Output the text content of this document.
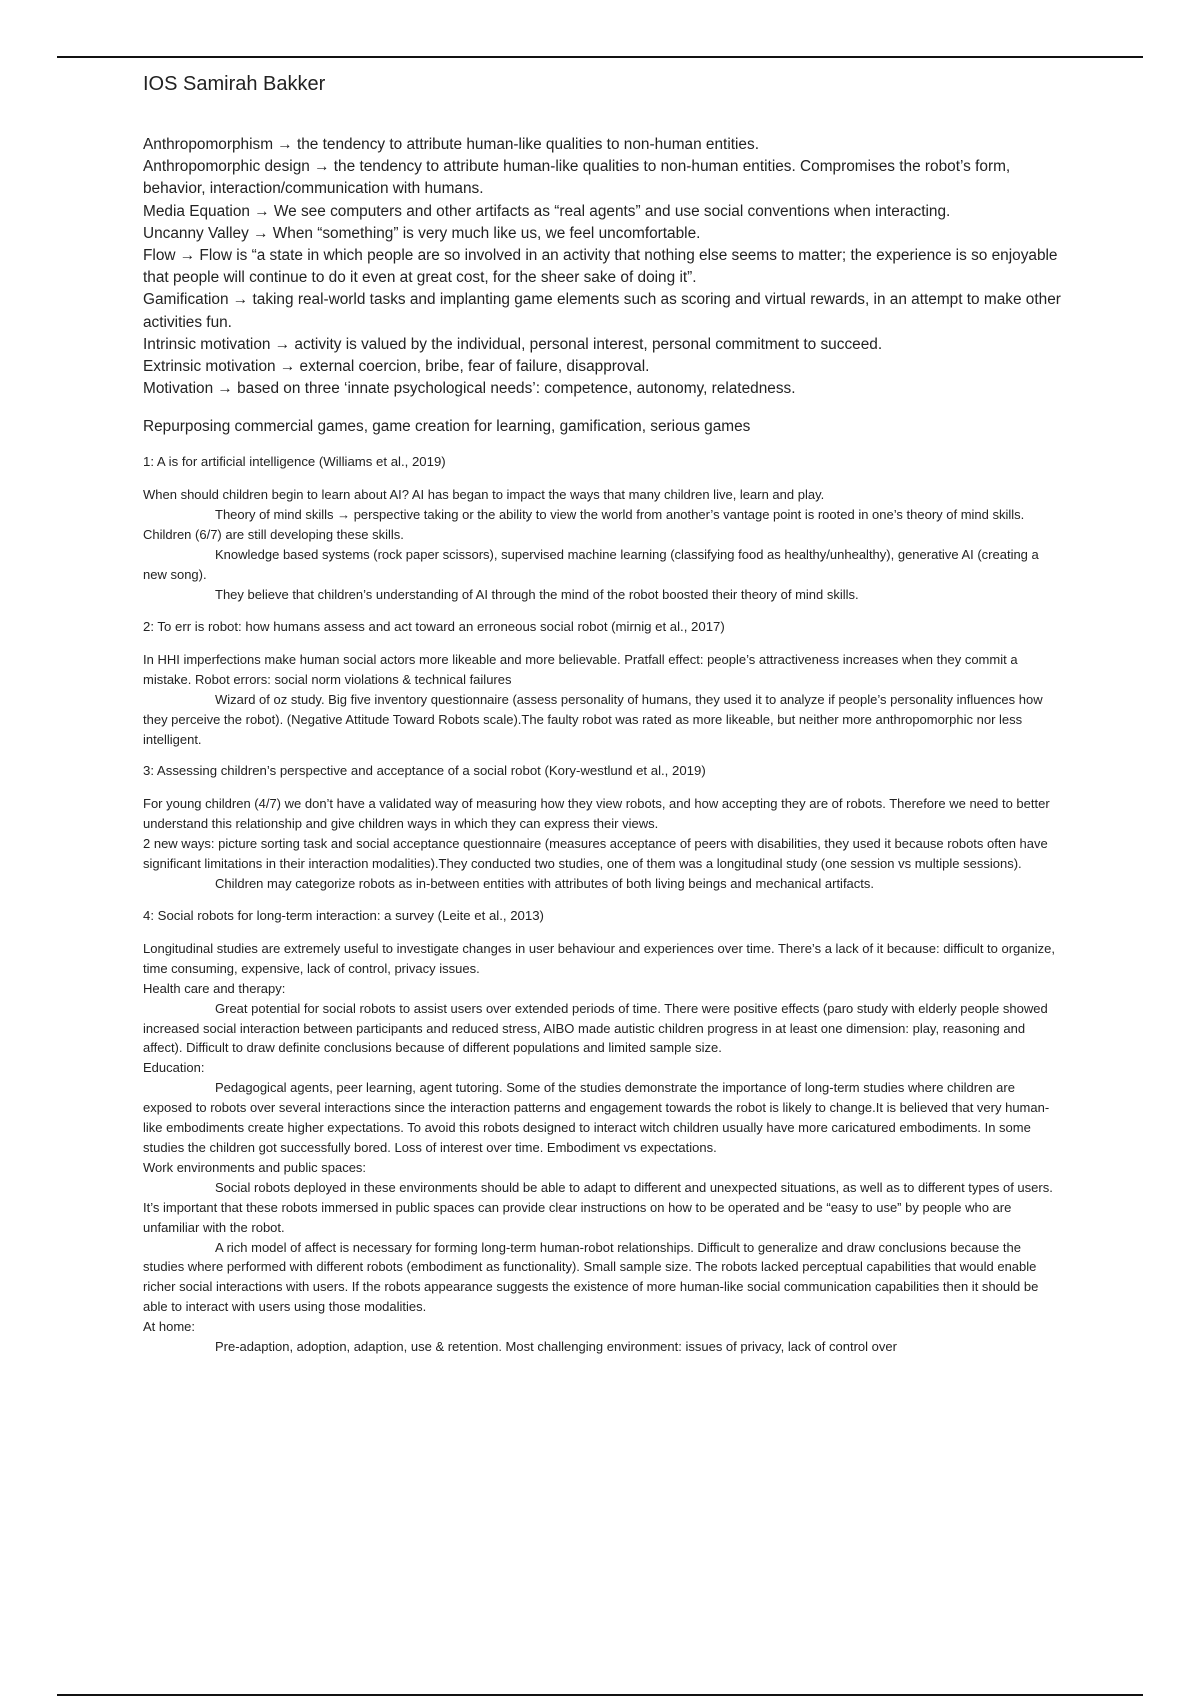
IOS Samirah Bakker

Anthropomorphism → the tendency to attribute human-like qualities to non-human entities.

Anthropomorphic design → the tendency to attribute human-like qualities to non-human entities. Compromises the robot’s form, behavior, interaction/communication with humans.

Media Equation → We see computers and other artifacts as “real agents” and use social conventions when interacting.

Uncanny Valley → When “something” is very much like us, we feel uncomfortable.

Flow → Flow is “a state in which people are so involved in an activity that nothing else seems to matter; the experience is so enjoyable that people will continue to do it even at great cost, for the sheer sake of doing it”.

Gamification → taking real-world tasks and implanting game elements such as scoring and virtual rewards, in an attempt to make other activities fun.

Intrinsic motivation → activity is valued by the individual, personal interest, personal commitment to succeed.

Extrinsic motivation → external coercion, bribe, fear of failure, disapproval.

Motivation → based on three ‘innate psychological needs’: competence, autonomy, relatedness.

Repurposing commercial games, game creation for learning, gamification, serious games
1: A is for artificial intelligence (Williams et al., 2019)

When should children begin to learn about AI? AI has began to impact the ways that many children live, learn and play.

Theory of mind skills → perspective taking or the ability to view the world from another’s vantage point is rooted in one’s theory of mind skills. Children (6/7) are still developing these skills.

Knowledge based systems (rock paper scissors), supervised machine learning (classifying food as healthy/unhealthy), generative AI (creating a new song).

They believe that children’s understanding of AI through the mind of the robot boosted their theory of mind skills.

2: To err is robot: how humans assess and act toward an erroneous social robot (mirnig et al., 2017)

In HHI imperfections make human social actors more likeable and more believable. Pratfall effect: people’s attractiveness increases when they commit a mistake. Robot errors: social norm violations & technical failures

Wizard of oz study. Big five inventory questionnaire (assess personality of humans, they used it to analyze if people’s personality influences how they perceive the robot). (Negative Attitude Toward Robots scale).The faulty robot was rated as more likeable, but neither more anthropomorphic nor less intelligent.

3: Assessing children’s perspective and acceptance of a social robot (Kory-westlund et al., 2019)

For young children (4/7) we don’t have a validated way of measuring how they view robots, and how accepting they are of robots. Therefore we need to better understand this relationship and give children ways in which they can express their views.

2 new ways: picture sorting task and social acceptance questionnaire (measures acceptance of peers with disabilities, they used it because robots often have significant limitations in their interaction modalities).They conducted two studies, one of them was a longitudinal study (one session vs multiple sessions).

Children may categorize robots as in-between entities with attributes of both living beings and mechanical artifacts.

4: Social robots for long-term interaction: a survey (Leite et al., 2013)

Longitudinal studies are extremely useful to investigate changes in user behaviour and experiences over time. There’s a lack of it because: difficult to organize, time consuming, expensive, lack of control, privacy issues.

Health care and therapy:

Great potential for social robots to assist users over extended periods of time. There were positive effects (paro study with elderly people showed increased social interaction between participants and reduced stress, AIBO made autistic children progress in at least one dimension: play, reasoning and affect). Difficult to draw definite conclusions because of different populations and limited sample size.

Education:

Pedagogical agents, peer learning, agent tutoring. Some of the studies demonstrate the importance of long-term studies where children are exposed to robots over several interactions since the interaction patterns and engagement towards the robot is likely to change.It is believed that very human-like embodiments create higher expectations. To avoid this robots designed to interact witch children usually have more caricatured embodiments. In some studies the children got successfully bored. Loss of interest over time. Embodiment vs expectations.

Work environments and public spaces:

Social robots deployed in these environments should be able to adapt to different and unexpected situations, as well as to different types of users. It’s important that these robots immersed in public spaces can provide clear instructions on how to be operated and be “easy to use” by people who are unfamiliar with the robot.

A rich model of affect is necessary for forming long-term human-robot relationships. Difficult to generalize and draw conclusions because the studies where performed with different robots (embodiment as functionality). Small sample size. The robots lacked perceptual capabilities that would enable richer social interactions with users. If the robots appearance suggests the existence of more human-like social communication capabilities then it should be able to interact with users using those modalities.

At home:

Pre-adaption, adoption, adaption, use & retention. Most challenging environment: issues of privacy, lack of control over
